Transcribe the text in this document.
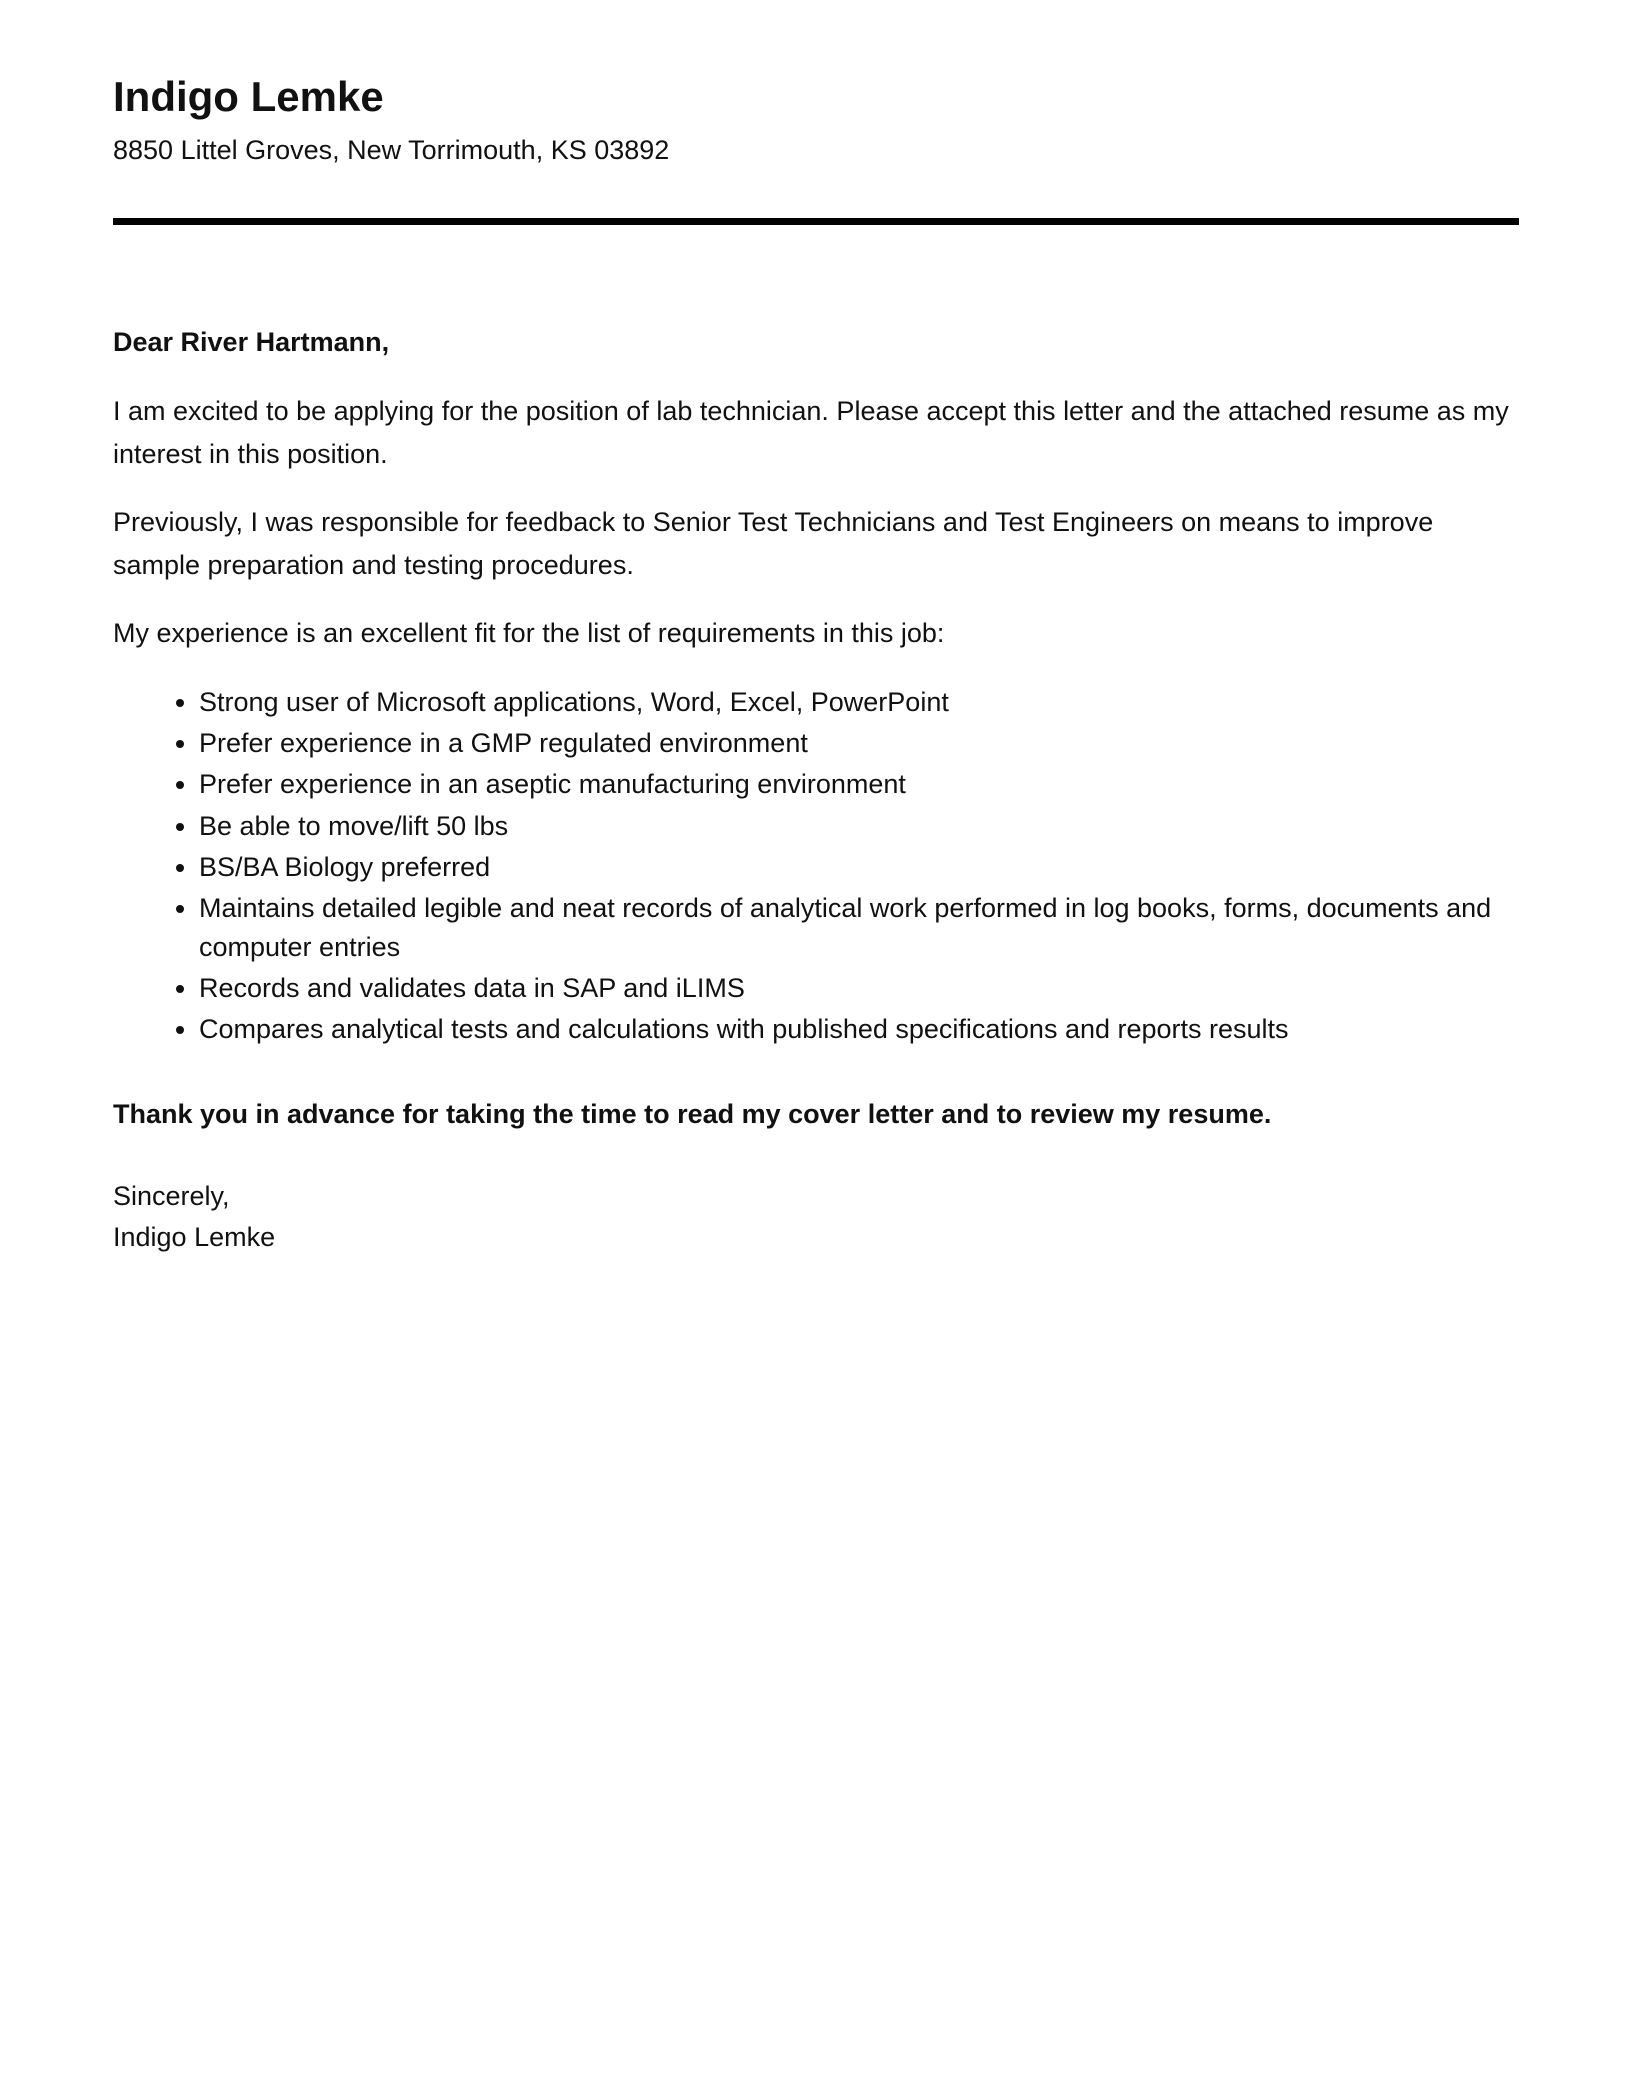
Indigo Lemke
8850 Littel Groves, New Torrimouth, KS 03892
Dear River Hartmann,
I am excited to be applying for the position of lab technician. Please accept this letter and the attached resume as my interest in this position.
Previously, I was responsible for feedback to Senior Test Technicians and Test Engineers on means to improve sample preparation and testing procedures.
My experience is an excellent fit for the list of requirements in this job:
• Strong user of Microsoft applications, Word, Excel, PowerPoint
• Prefer experience in a GMP regulated environment
• Prefer experience in an aseptic manufacturing environment
• Be able to move/lift 50 lbs
• BS/BA Biology preferred
• Maintains detailed legible and neat records of analytical work performed in log books, forms, documents and computer entries
• Records and validates data in SAP and iLIMS
• Compares analytical tests and calculations with published specifications and reports results
Thank you in advance for taking the time to read my cover letter and to review my resume.
Sincerely,
Indigo Lemke
